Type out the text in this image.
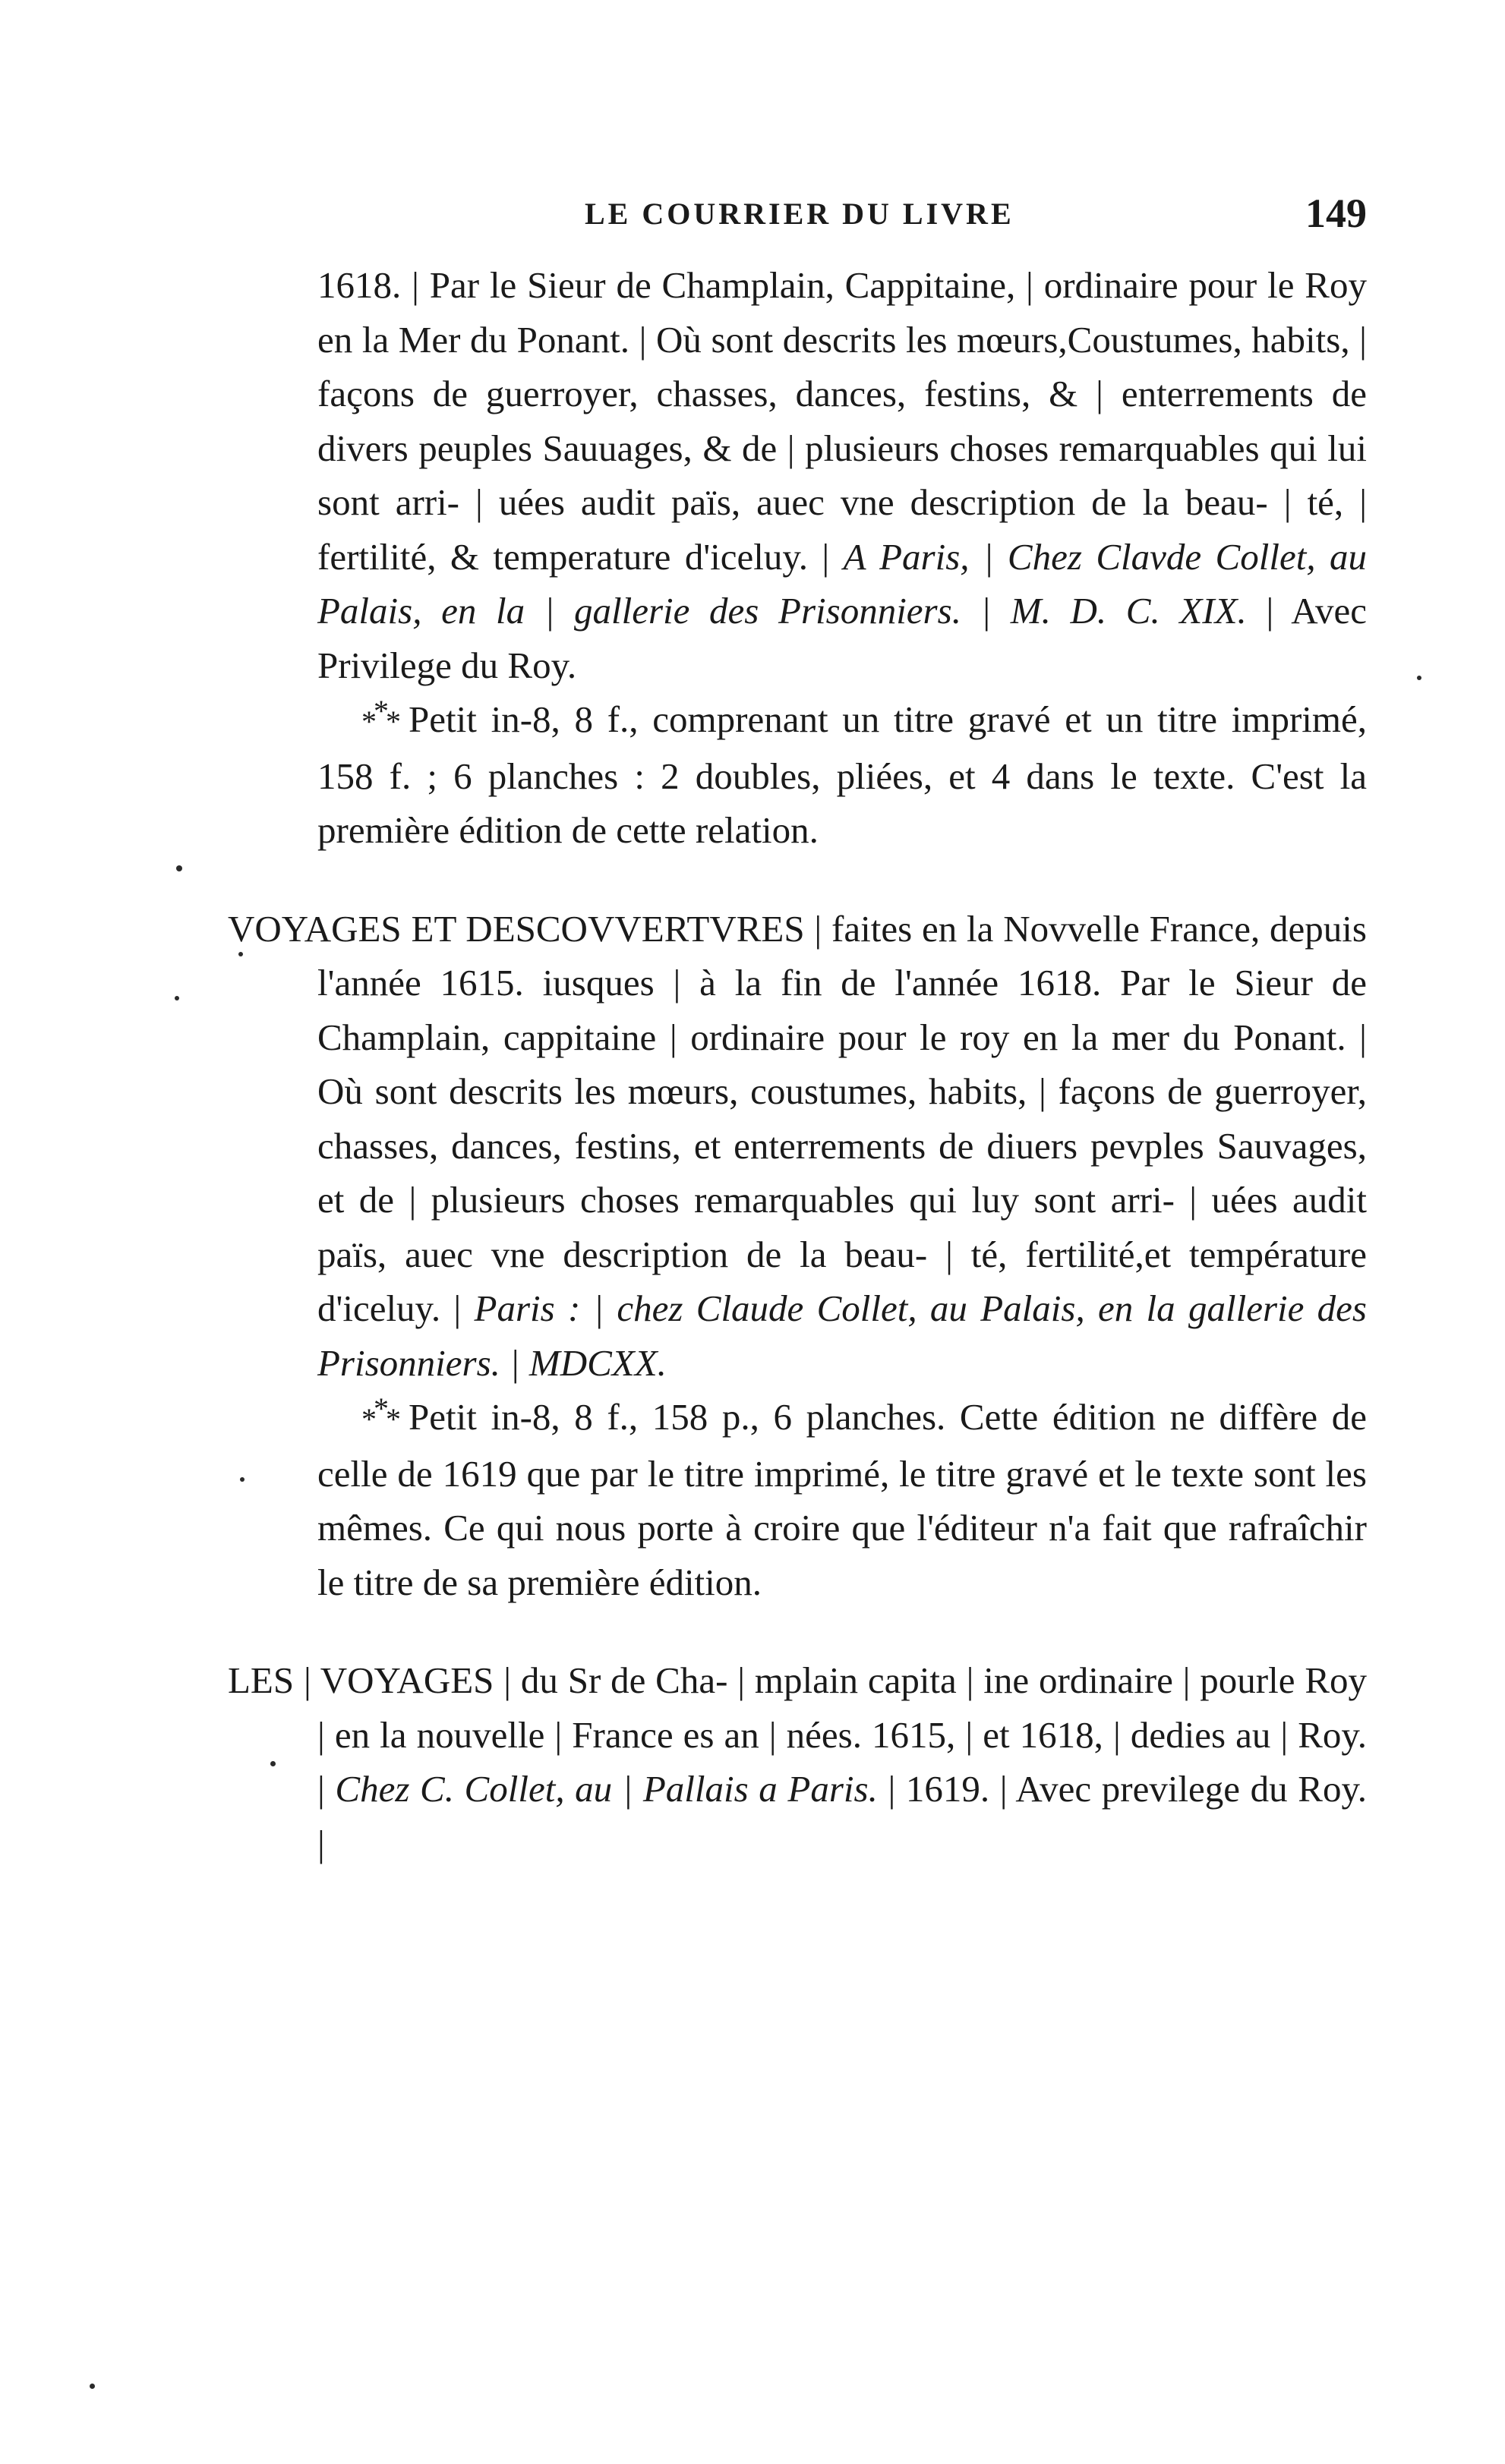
LE COURRIER DU LIVRE	149

1618. | Par le Sieur de Champlain, Cappitaine, | ordinaire pour le Roy en la Mer du Ponant. | Où sont descrits les mœurs,Coustumes, habits, | façons de guerroyer, chasses, dances, festins, & | enterrements de divers peuples Sauuages, & de | plusieurs choses remarquables qui lui sont arri- | uées audit païs, auec vne description de la beau- | té, | fertilité, & temperature d'iceluy. | A Paris, | Chez Clavde Collet, au Palais, en la | gallerie des Prisonniers. | M. D. C. XIX. | Avec Privilege du Roy.

*** Petit in-8, 8 f., comprenant un titre gravé et un titre imprimé, 158 f. ; 6 planches : 2 doubles, pliées, et 4 dans le texte. C'est la première édition de cette relation.

VOYAGES ET DESCOVVERTVRES | faites en la Novvelle France, depuis l'année 1615. iusques | à la fin de l'année 1618. Par le Sieur de Champlain, cappitaine | ordinaire pour le roy en la mer du Ponant. | Où sont descrits les mœurs, coustumes, habits, | façons de guerroyer, chasses, dances, festins, et enterrements de diuers pevples Sauvages, et de | plusieurs choses remarquables qui luy sont arri- | uées audit païs, auec vne description de la beau- | té, fertilité,et température d'iceluy. | Paris : | chez Claude Collet, au Palais, en la gallerie des Prisonniers. | MDCXX.

*** Petit in-8, 8 f., 158 p., 6 planches. Cette édition ne diffère de celle de 1619 que par le titre imprimé, le titre gravé et le texte sont les mêmes. Ce qui nous porte à croire que l'éditeur n'a fait que rafraîchir le titre de sa première édition.

LES | VOYAGES | du Sr de Cha- | mplain capita | ine ordinaire | pourle Roy | en la nouvelle | France es an | nées. 1615, | et 1618, | dedies au | Roy. | Chez C. Collet, au | Pallais a Paris. | 1619. | Avec previlege du Roy. |
